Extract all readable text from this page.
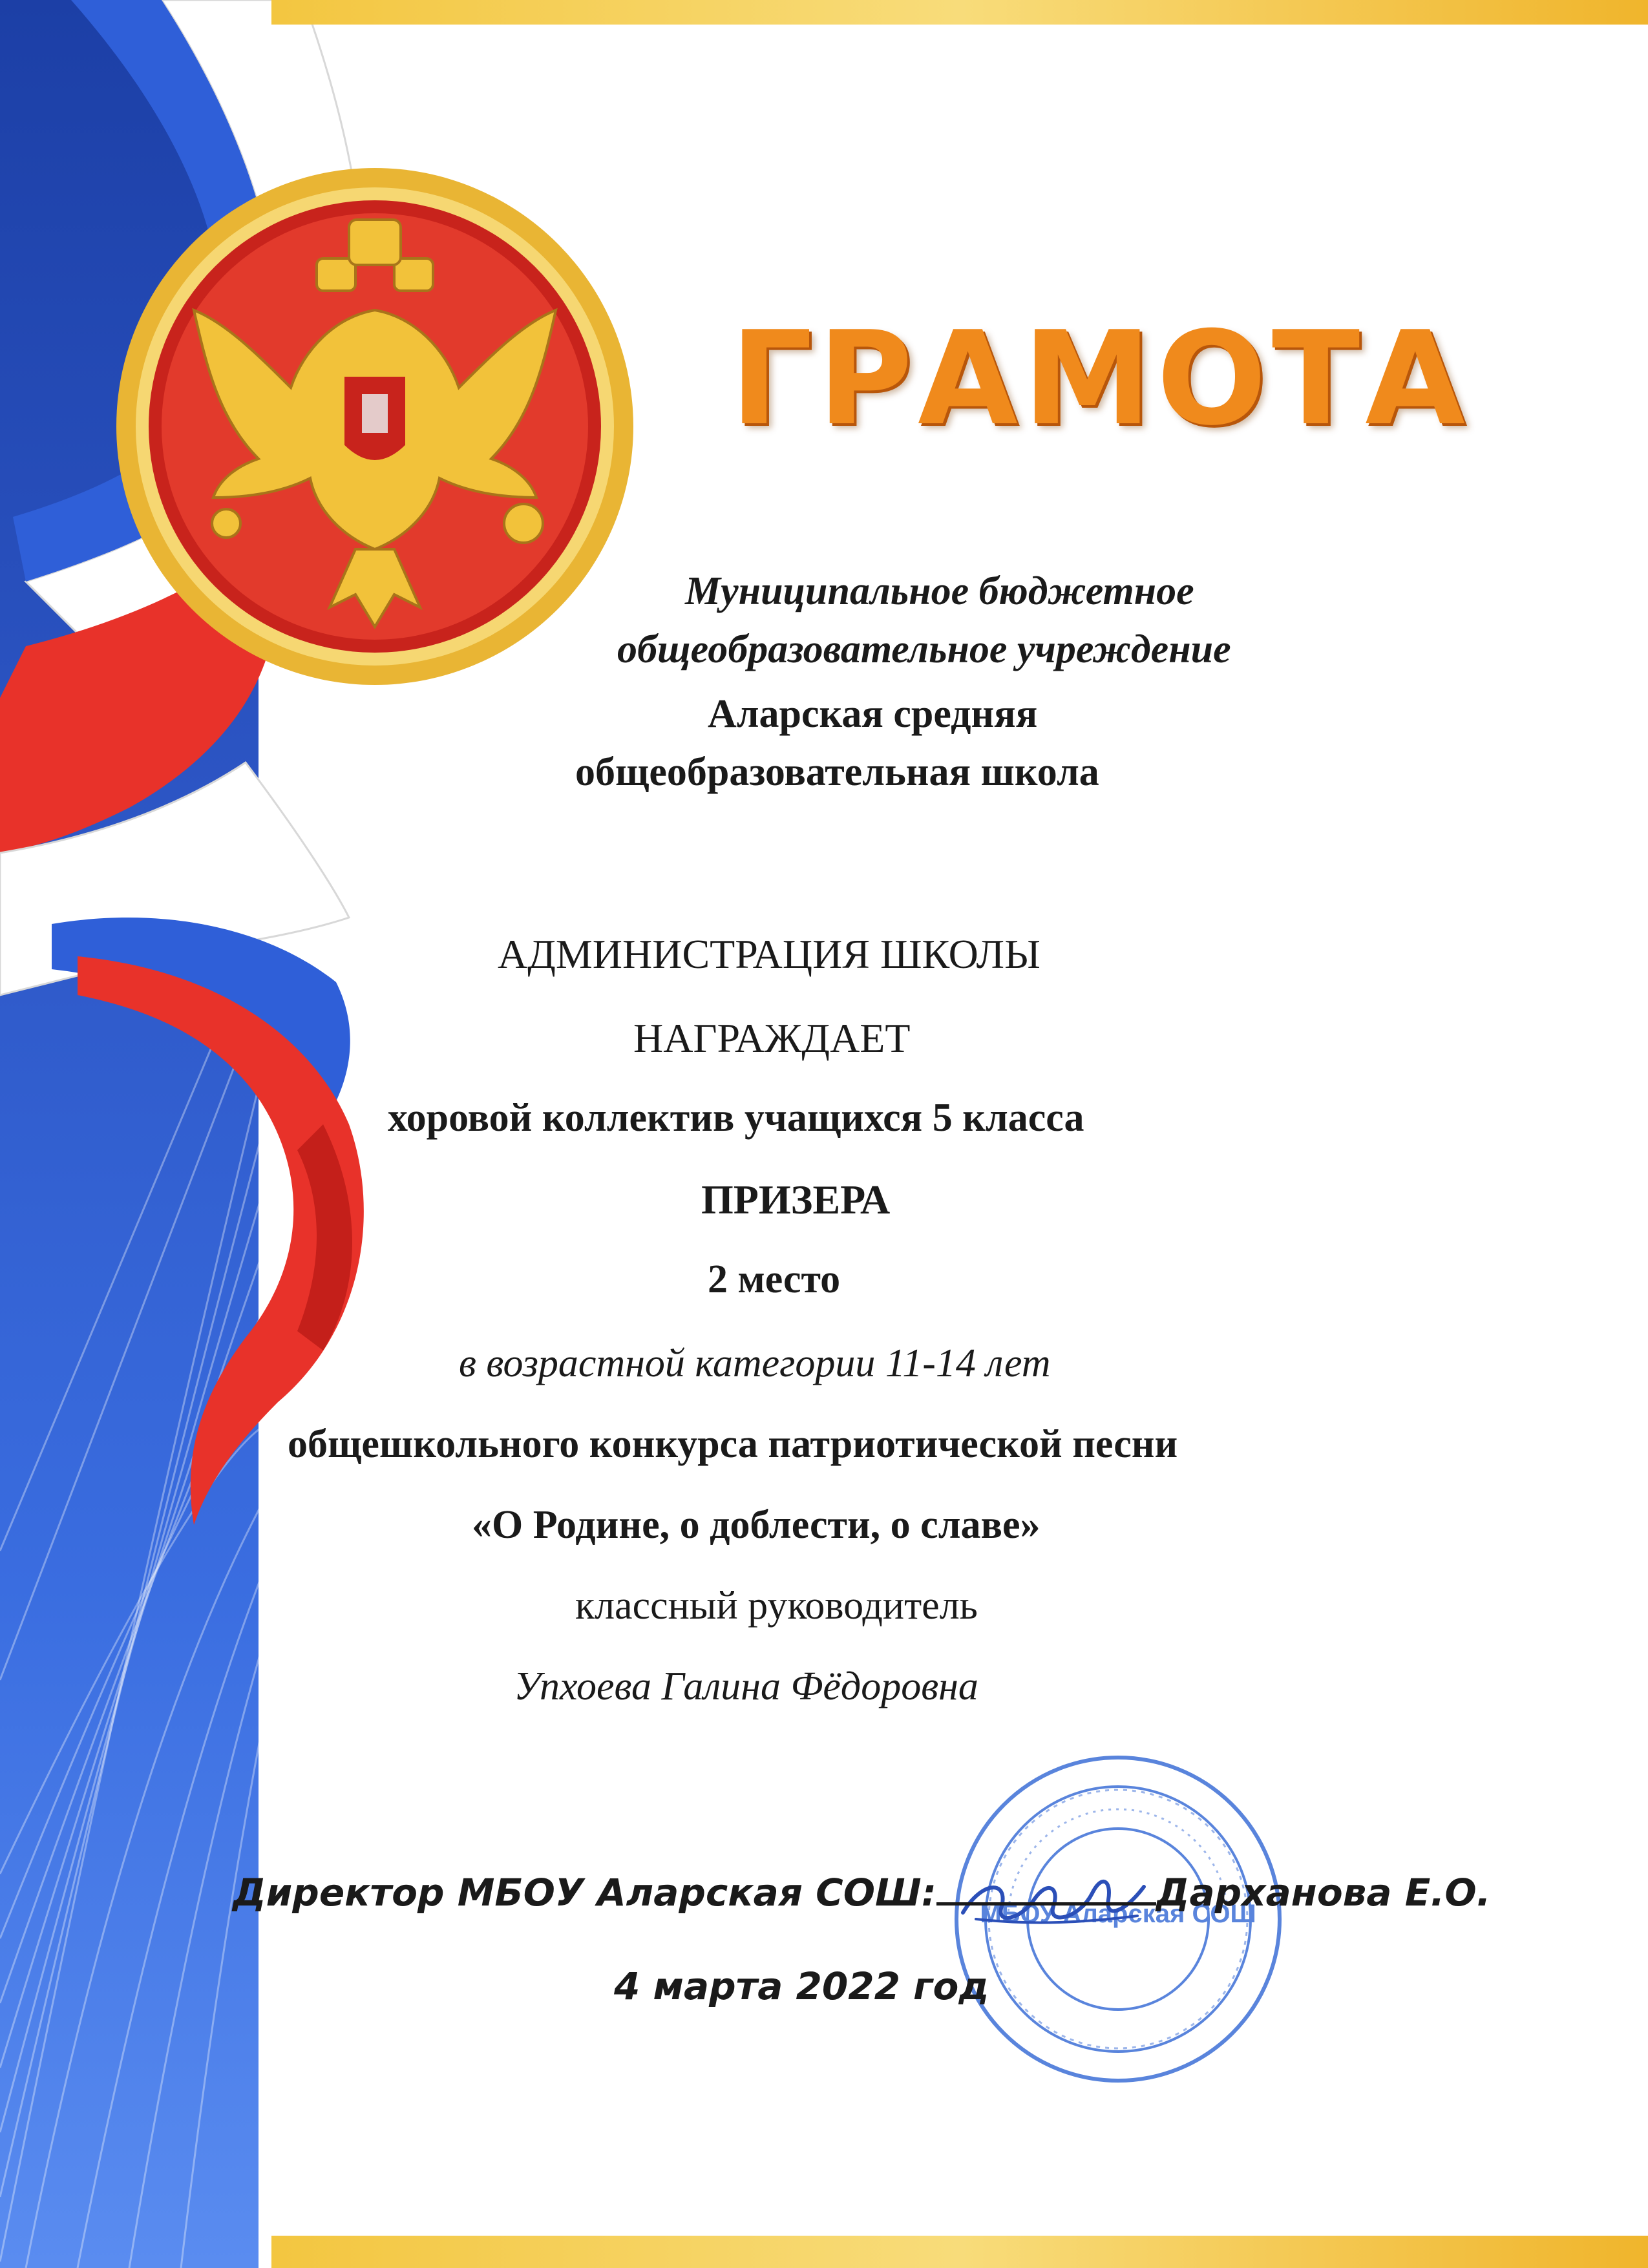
ГРАМОТА
Муниципальное бюджетное
общеобразовательное учреждение
Аларская средняя
общеобразовательная школа
АДМИНИСТРАЦИЯ ШКОЛЫ
НАГРАЖДАЕТ
хоровой коллектив учащихся 5 класса
ПРИЗЕРА
2 место
в возрастной категории 11-14 лет
общешкольного конкурса патриотической песни
«О Родине, о доблести, о славе»
классный руководитель
Упхоева Галина Фёдоровна
МБОУ Аларская СОШ
Директор МБОУ Аларская СОШ:	Дарханова Е.О.
4 марта 2022 год
